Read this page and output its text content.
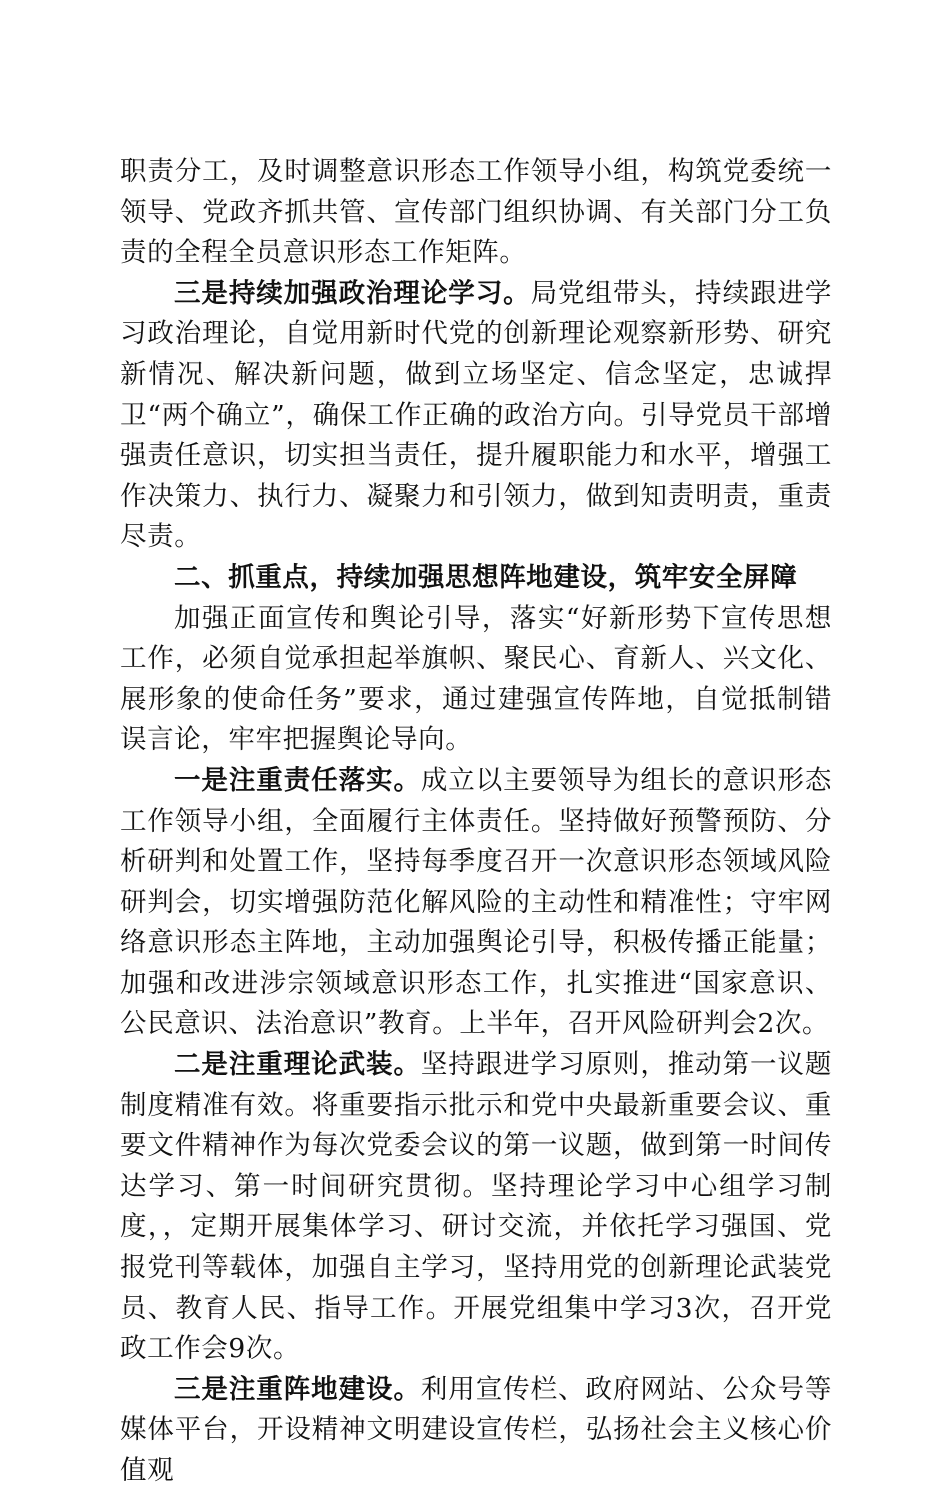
职责分工，及时调整意识形态工作领导小组，构筑党委统一领导、党政齐抓共管、宣传部门组织协调、有关部门分工负责的全程全员意识形态工作矩阵。

三是持续加强政治理论学习。局党组带头，持续跟进学习政治理论，自觉用新时代党的创新理论观察新形势、研究新情况、解决新问题，做到立场坚定、信念坚定，忠诚捍卫“两个确立”，确保工作正确的政治方向。引导党员干部增强责任意识，切实担当责任，提升履职能力和水平，增强工作决策力、执行力、凝聚力和引领力，做到知责明责，重责尽责。

二、抓重点，持续加强思想阵地建设，筑牢安全屏障

加强正面宣传和舆论引导，落实“好新形势下宣传思想工作，必须自觉承担起举旗帜、聚民心、育新人、兴文化、展形象的使命任务”要求，通过建强宣传阵地，自觉抵制错误言论，牢牢把握舆论导向。

一是注重责任落实。成立以主要领导为组长的意识形态工作领导小组，全面履行主体责任。坚持做好预警预防、分析研判和处置工作，坚持每季度召开一次意识形态领域风险研判会，切实增强防范化解风险的主动性和精准性；守牢网络意识形态主阵地，主动加强舆论引导，积极传播正能量；加强和改进涉宗领域意识形态工作，扎实推进“国家意识、公民意识、法治意识”教育。上半年，召开风险研判会2次。

二是注重理论武装。坚持跟进学习原则，推动第一议题制度精准有效。将重要指示批示和党中央最新重要会议、重要文件精神作为每次党委会议的第一议题，做到第一时间传达学习、第一时间研究贯彻。坚持理论学习中心组学习制度，，定期开展集体学习、研讨交流，并依托学习强国、党报党刊等载体，加强自主学习，坚持用党的创新理论武装党员、教育人民、指导工作。开展党组集中学习3次，召开党政工作会9次。

三是注重阵地建设。利用宣传栏、政府网站、公众号等媒体平台，开设精神文明建设宣传栏，弘扬社会主义核心价值观
